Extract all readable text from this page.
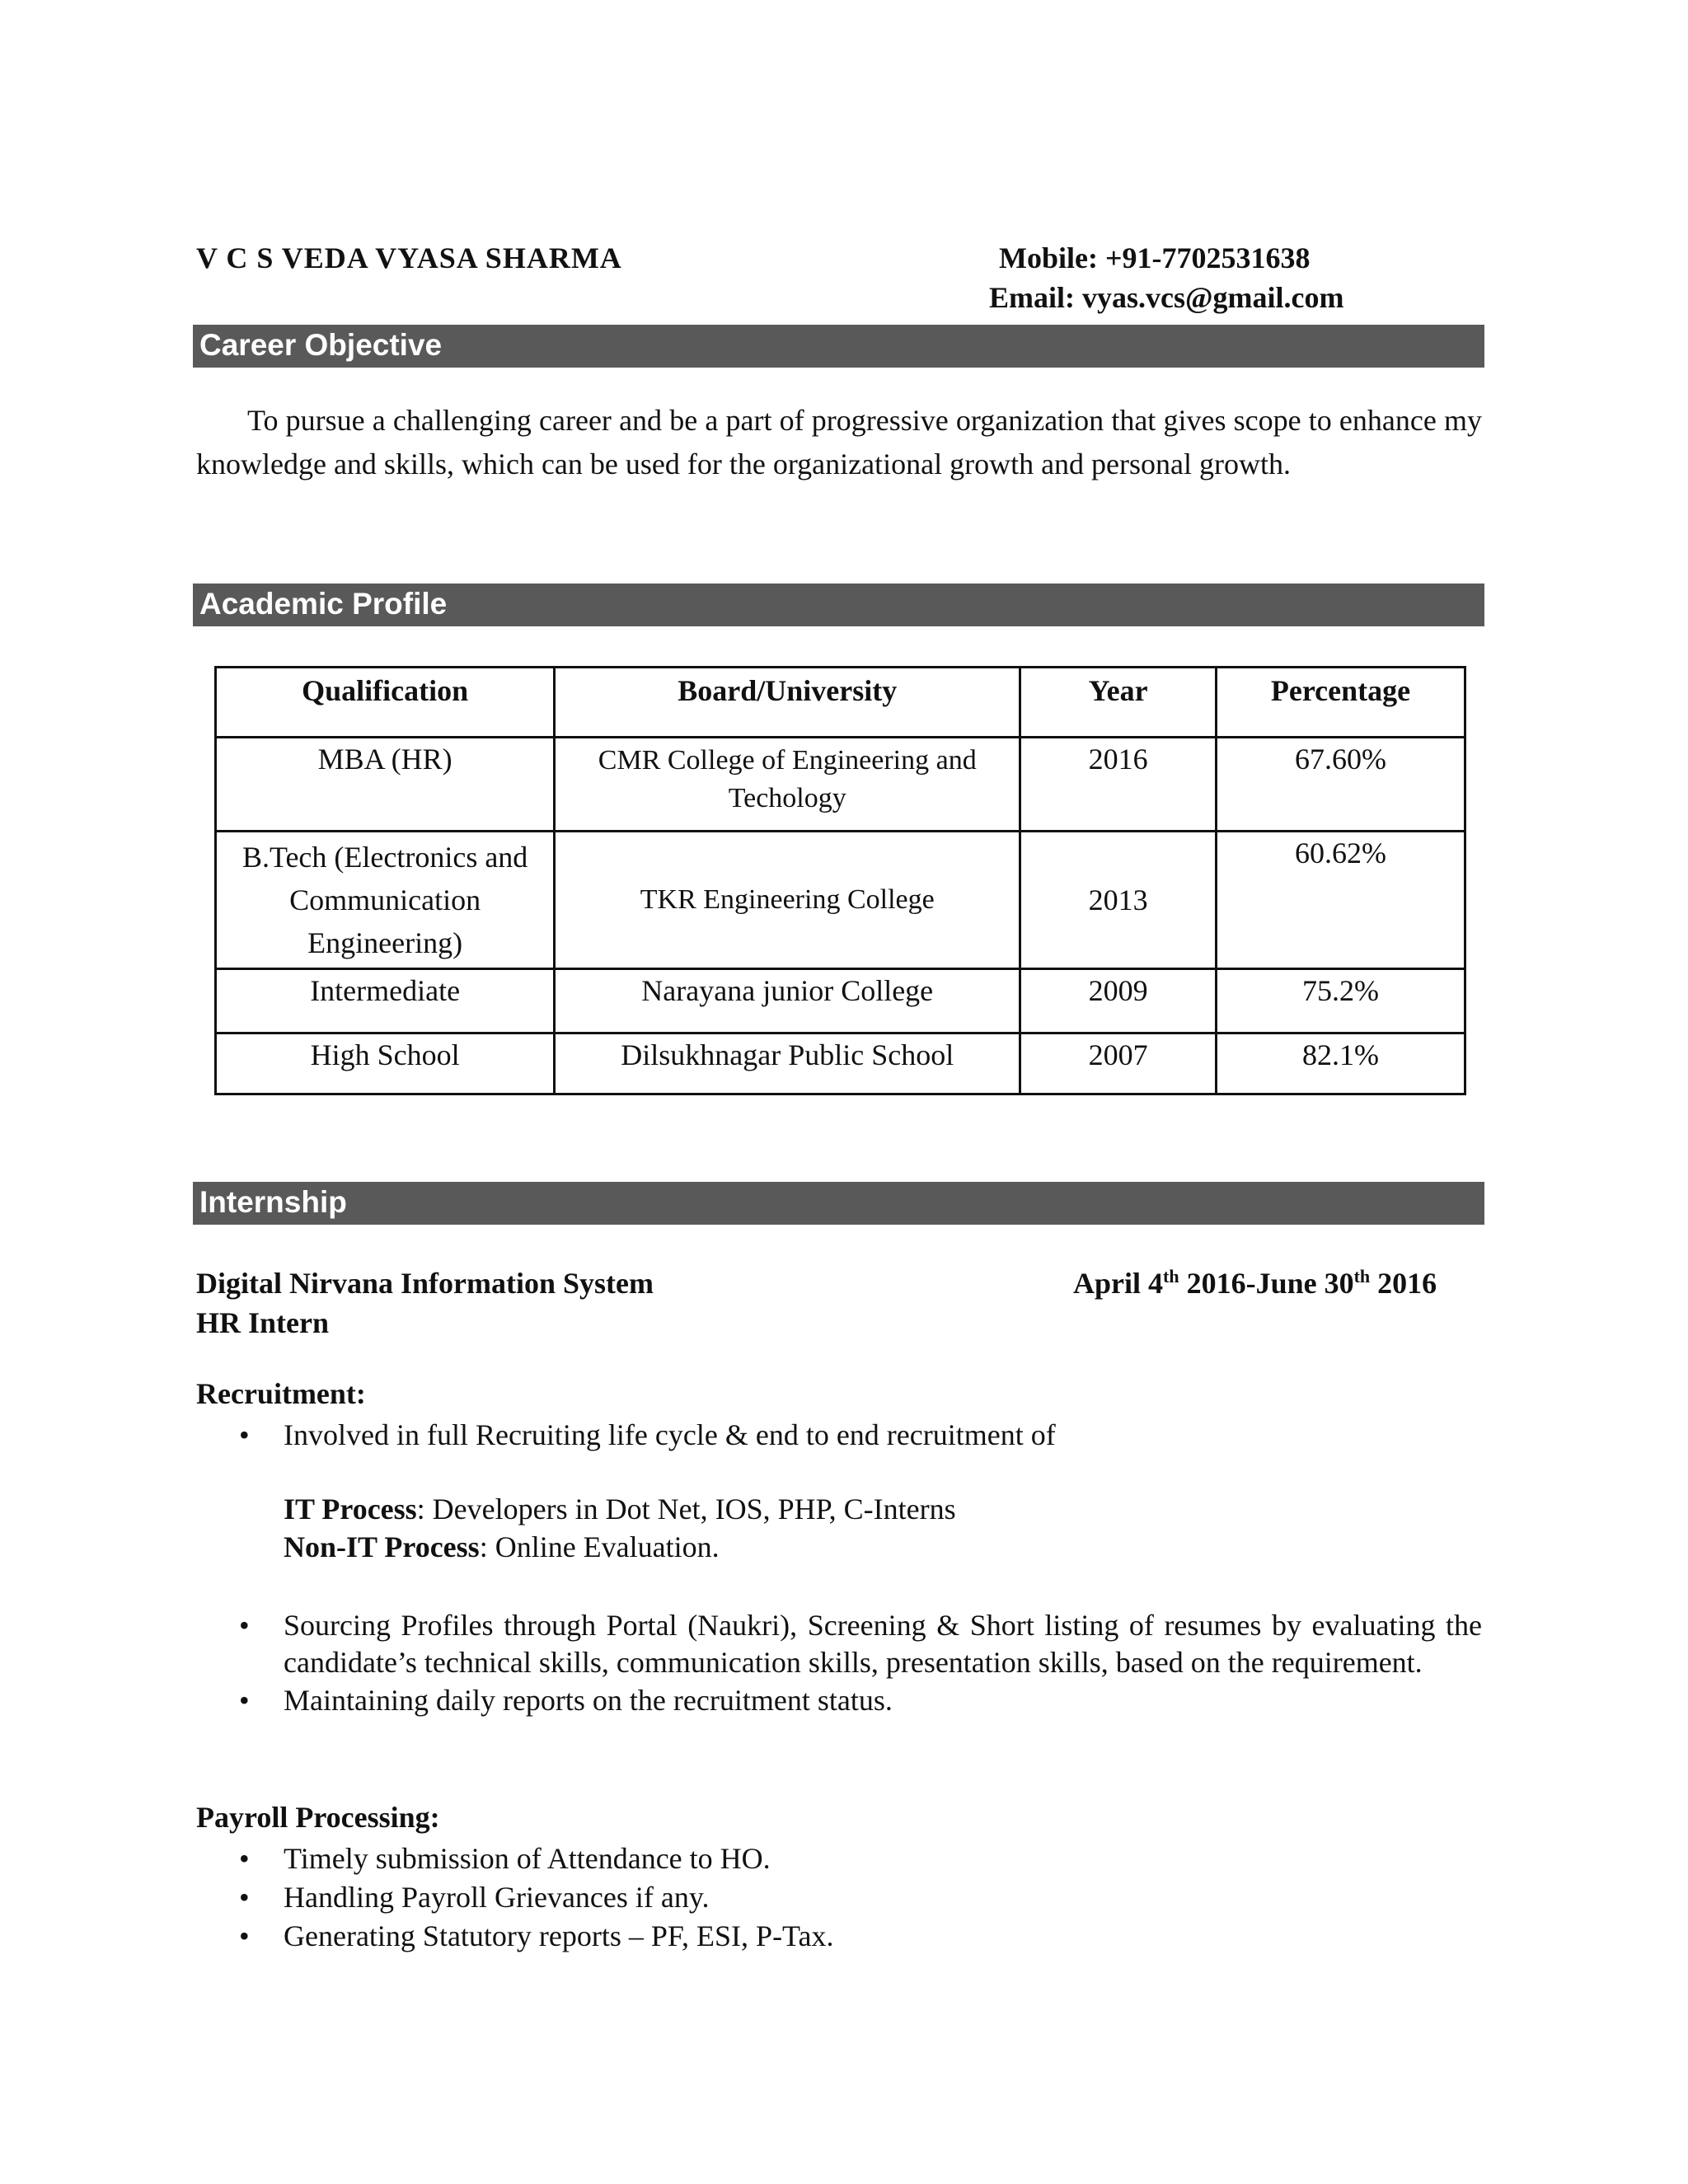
V C S VEDA VYASA SHARMA	Mobile: +91-7702531638
Email: vyas.vcs@gmail.com
Career Objective

To pursue a challenging career and be a part of progressive organization that gives scope to enhance my knowledge and skills, which can be used for the organizational growth and personal growth.

Academic Profile
Qualification	Board/University	Year	Percentage
MBA (HR)	CMR College of Engineering and Techology	2016	67.60%
B.Tech (Electronics and Communication Engineering)	TKR Engineering College	2013	60.62%
Intermediate	Narayana junior College	2009	75.2%
High School	Dilsukhnagar Public School	2007	82.1%
Internship
Digital Nirvana Information System	April 4th 2016-June 30th 2016
HR Intern
Recruitment:
• Involved in full Recruiting life cycle & end to end recruitment of
IT Process: Developers in Dot Net, IOS, PHP, C-Interns
Non-IT Process: Online Evaluation.
• Sourcing Profiles through Portal (Naukri), Screening & Short listing of resumes by evaluating the candidate’s technical skills, communication skills, presentation skills, based on the requirement.
• Maintaining daily reports on the recruitment status.
Payroll Processing:
• Timely submission of Attendance to HO.
• Handling Payroll Grievances if any.
• Generating Statutory reports – PF, ESI, P-Tax.
